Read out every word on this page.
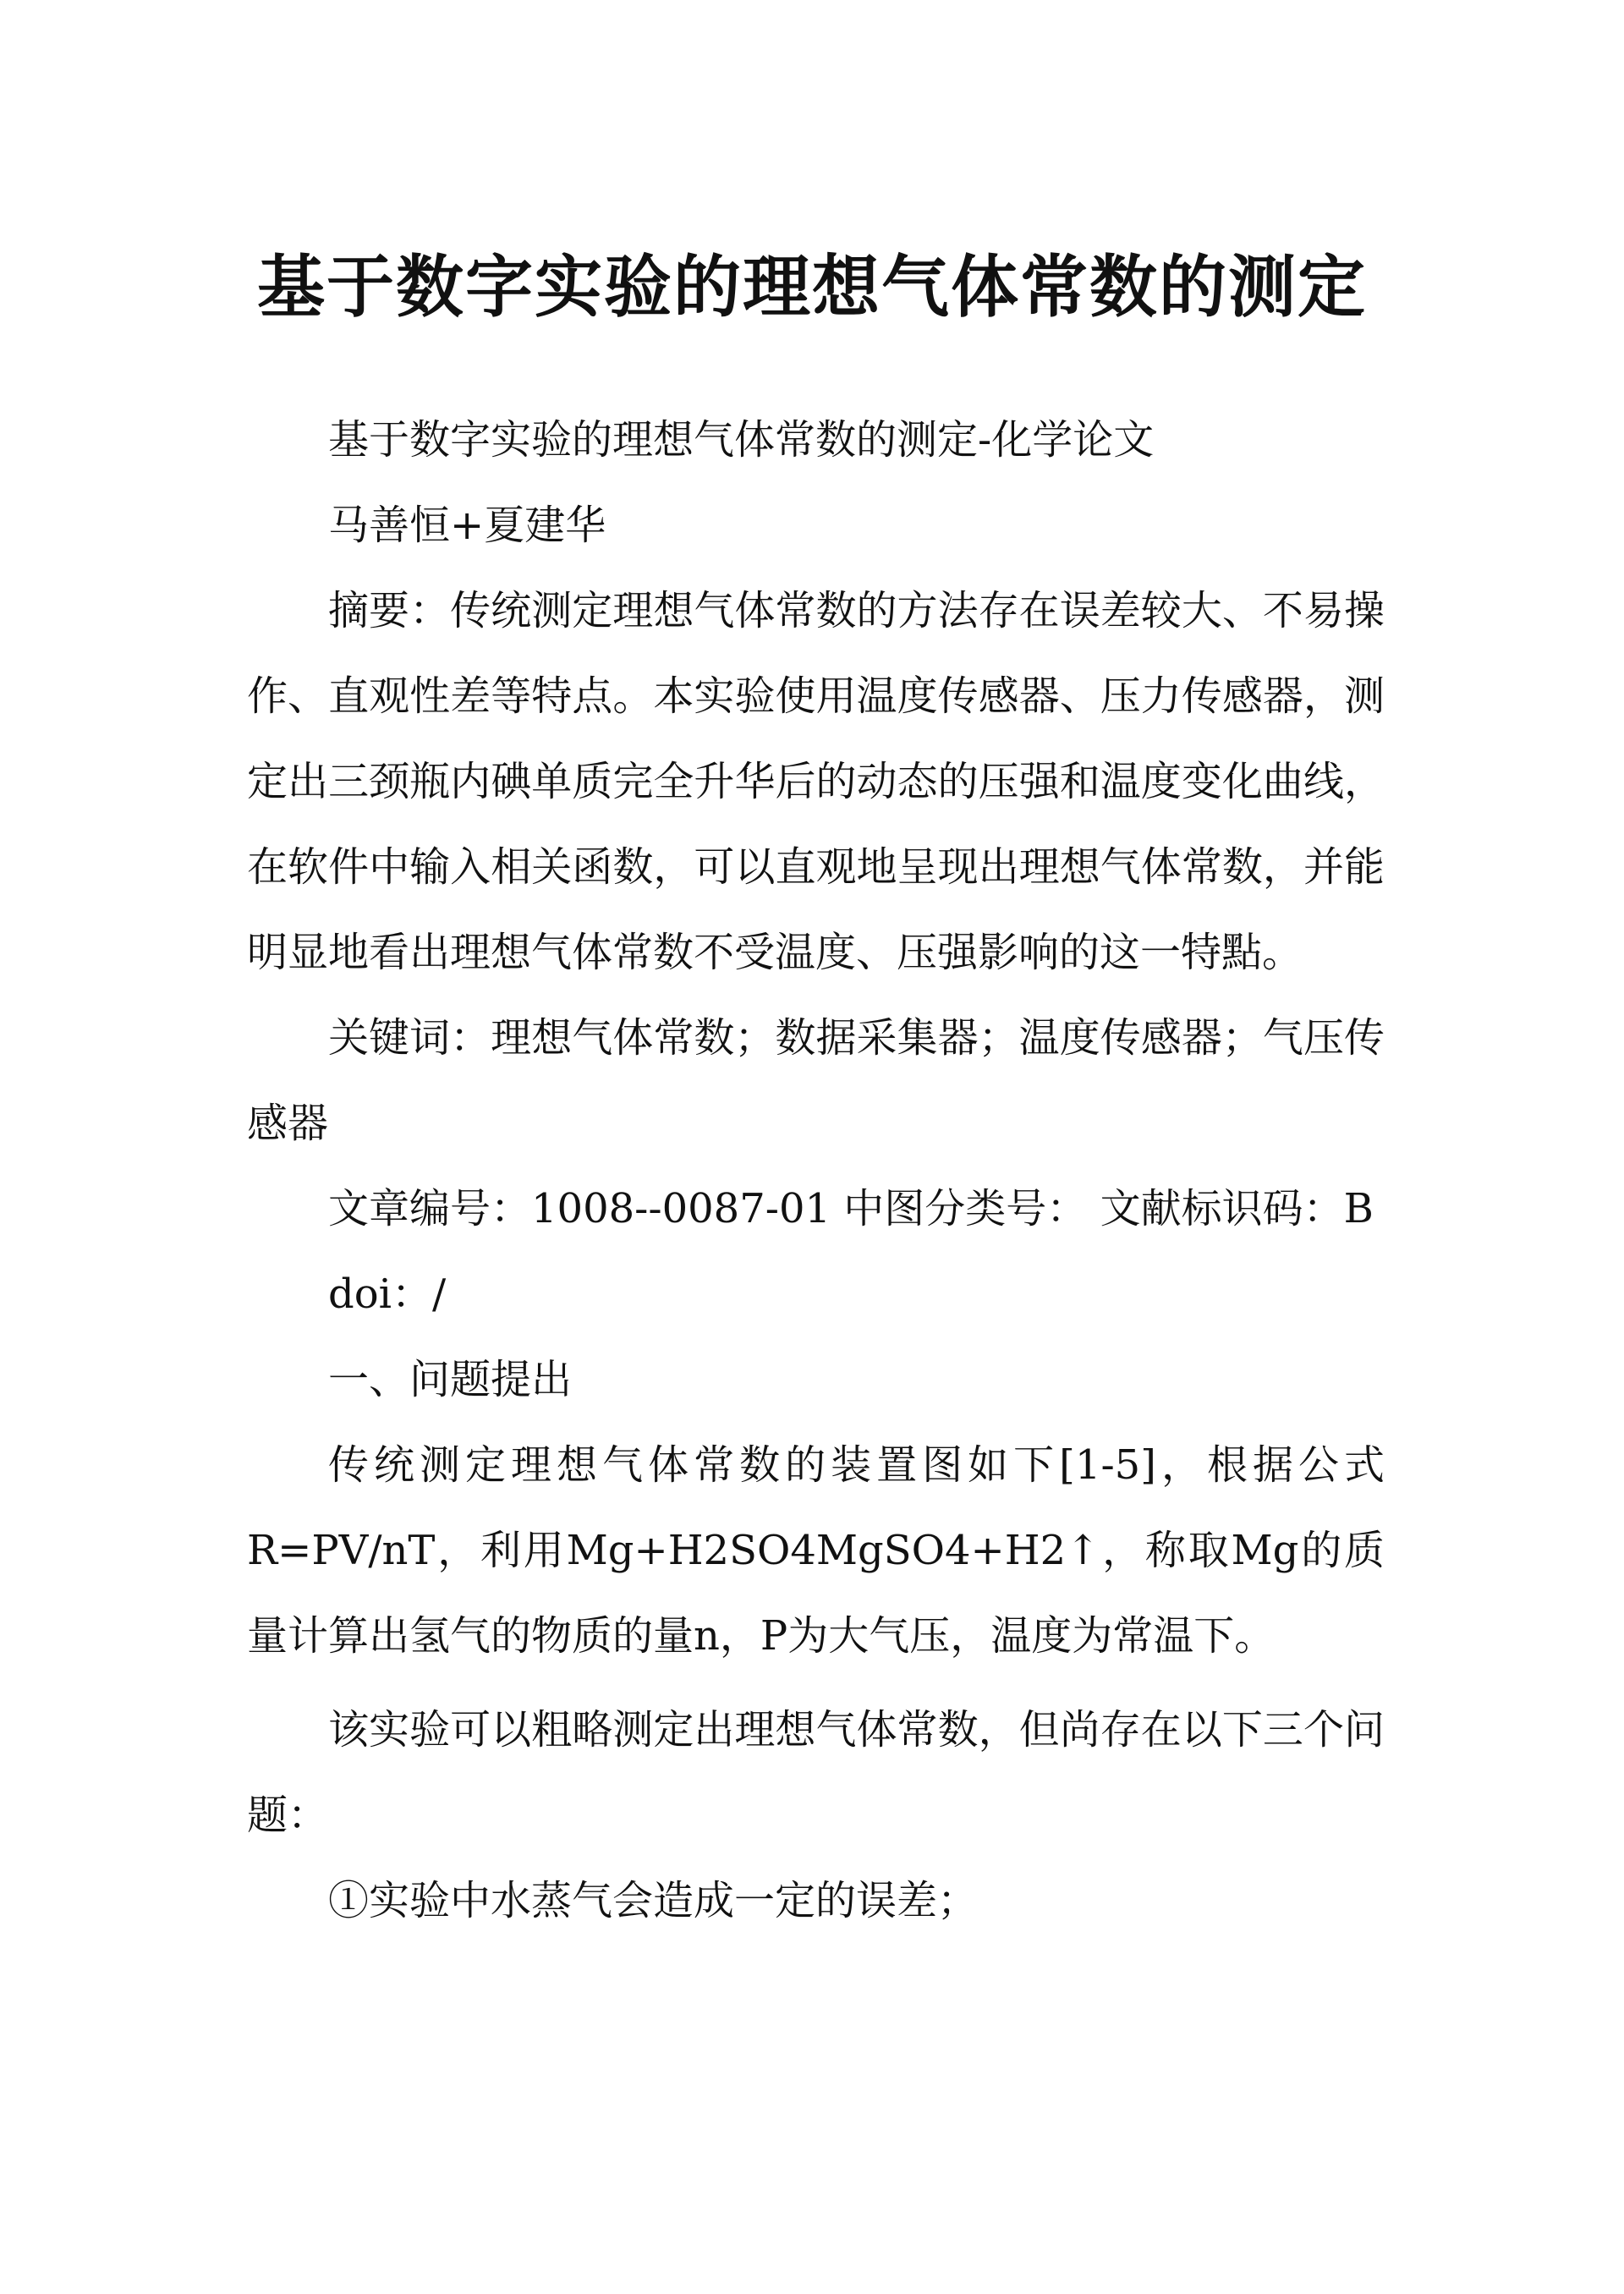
基于数字实验的理想气体常数的测定

基于数字实验的理想气体常数的测定-化学论文

马善恒+夏建华

摘要：传统测定理想气体常数的方法存在误差较大、不易操作、直观性差等特点。本实验使用温度传感器、压力传感器，测定出三颈瓶内碘单质完全升华后的动态的压强和温度变化曲线，在软件中输入相关函数，可以直观地呈现出理想气体常数，并能明显地看出理想气体常数不受温度、压强影响的这一特點。

关键词：理想气体常数；数据采集器；温度传感器；气压传感器

文章编号：1008--0087-01 中图分类号： 文献标识码：B

doi：/

一、问题提出

传统测定理想气体常数的装置图如下[1-5]，根据公式R=PV/nT，利用Mg+H2SO4MgSO4+H2↑，称取Mg的质量计算出氢气的物质的量n，P为大气压，温度为常温下。

该实验可以粗略测定出理想气体常数，但尚存在以下三个问题：

①实验中水蒸气会造成一定的误差；
